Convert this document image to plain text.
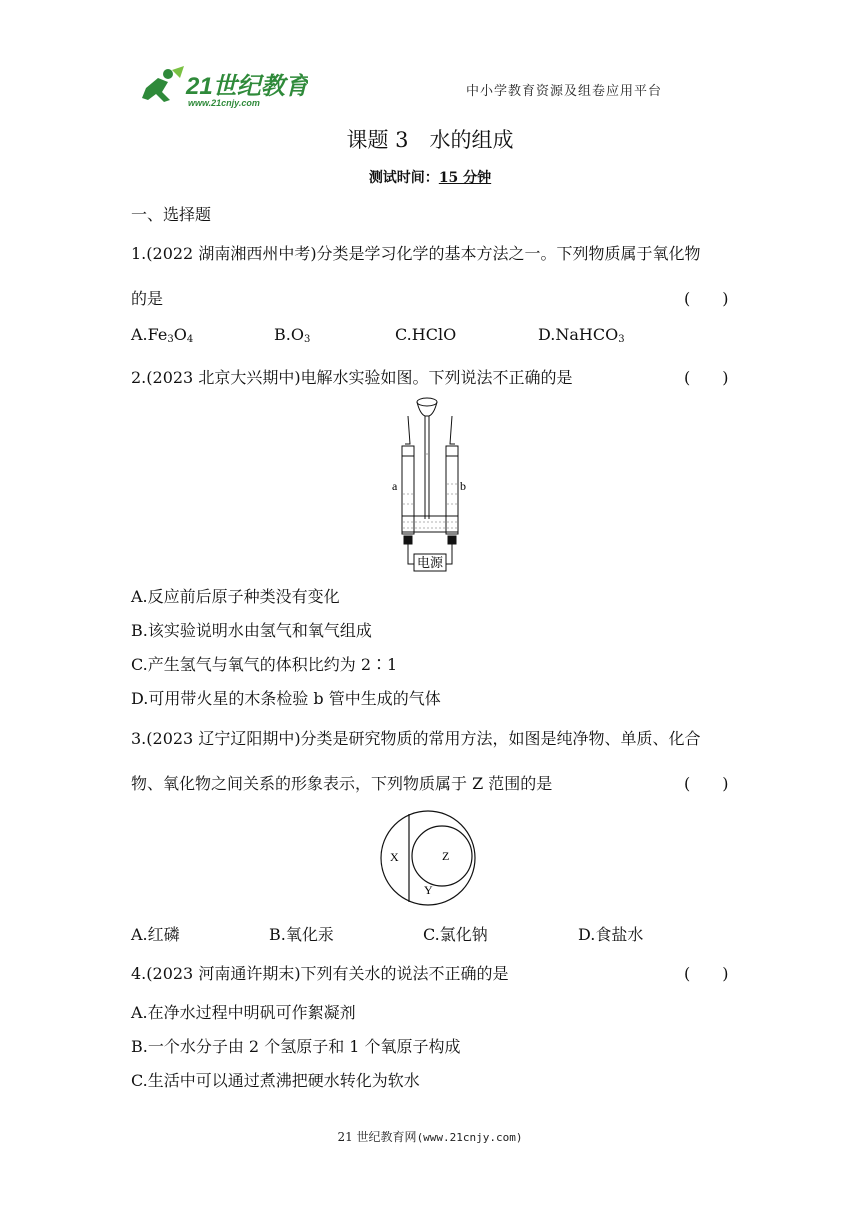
21世纪教育
www.21cnjy.com
中小学教育资源及组卷应用平台
课题 3　水的组成
测试时间：15 分钟
一、选择题
1.(2022 湖南湘西州中考)分类是学习化学的基本方法之一。下列物质属于氧化物
的是	(　　)
$A.Fe_3O_4$	$B.O_3$	C.HClO	D.NaHCO$_3$
2.(2023 北京大兴期中)电解水实验如图。下列说法不正确的是	(　　)
a	b
电源
A.反应前后原子种类没有变化
B.该实验说明水由氢气和氧气组成
C.产生氢气与氧气的体积比约为 2∶1
D.可用带火星的木条检验 b 管中生成的气体
3.(2023 辽宁辽阳期中)分类是研究物质的常用方法，如图是纯净物、单质、化合
物、氧化物之间关系的形象表示，下列物质属于 Z 范围的是	(　　)
X	Z
Y
A.红磷	B.氧化汞	C.氯化钠	D.食盐水
4.(2023 河南通许期末)下列有关水的说法不正确的是	(　　)
A.在净水过程中明矾可作絮凝剂
B.一个水分子由 2 个氢原子和 1 个氧原子构成
C.生活中可以通过煮沸把硬水转化为软水
21 世纪教育网(www.21cnjy.com)
